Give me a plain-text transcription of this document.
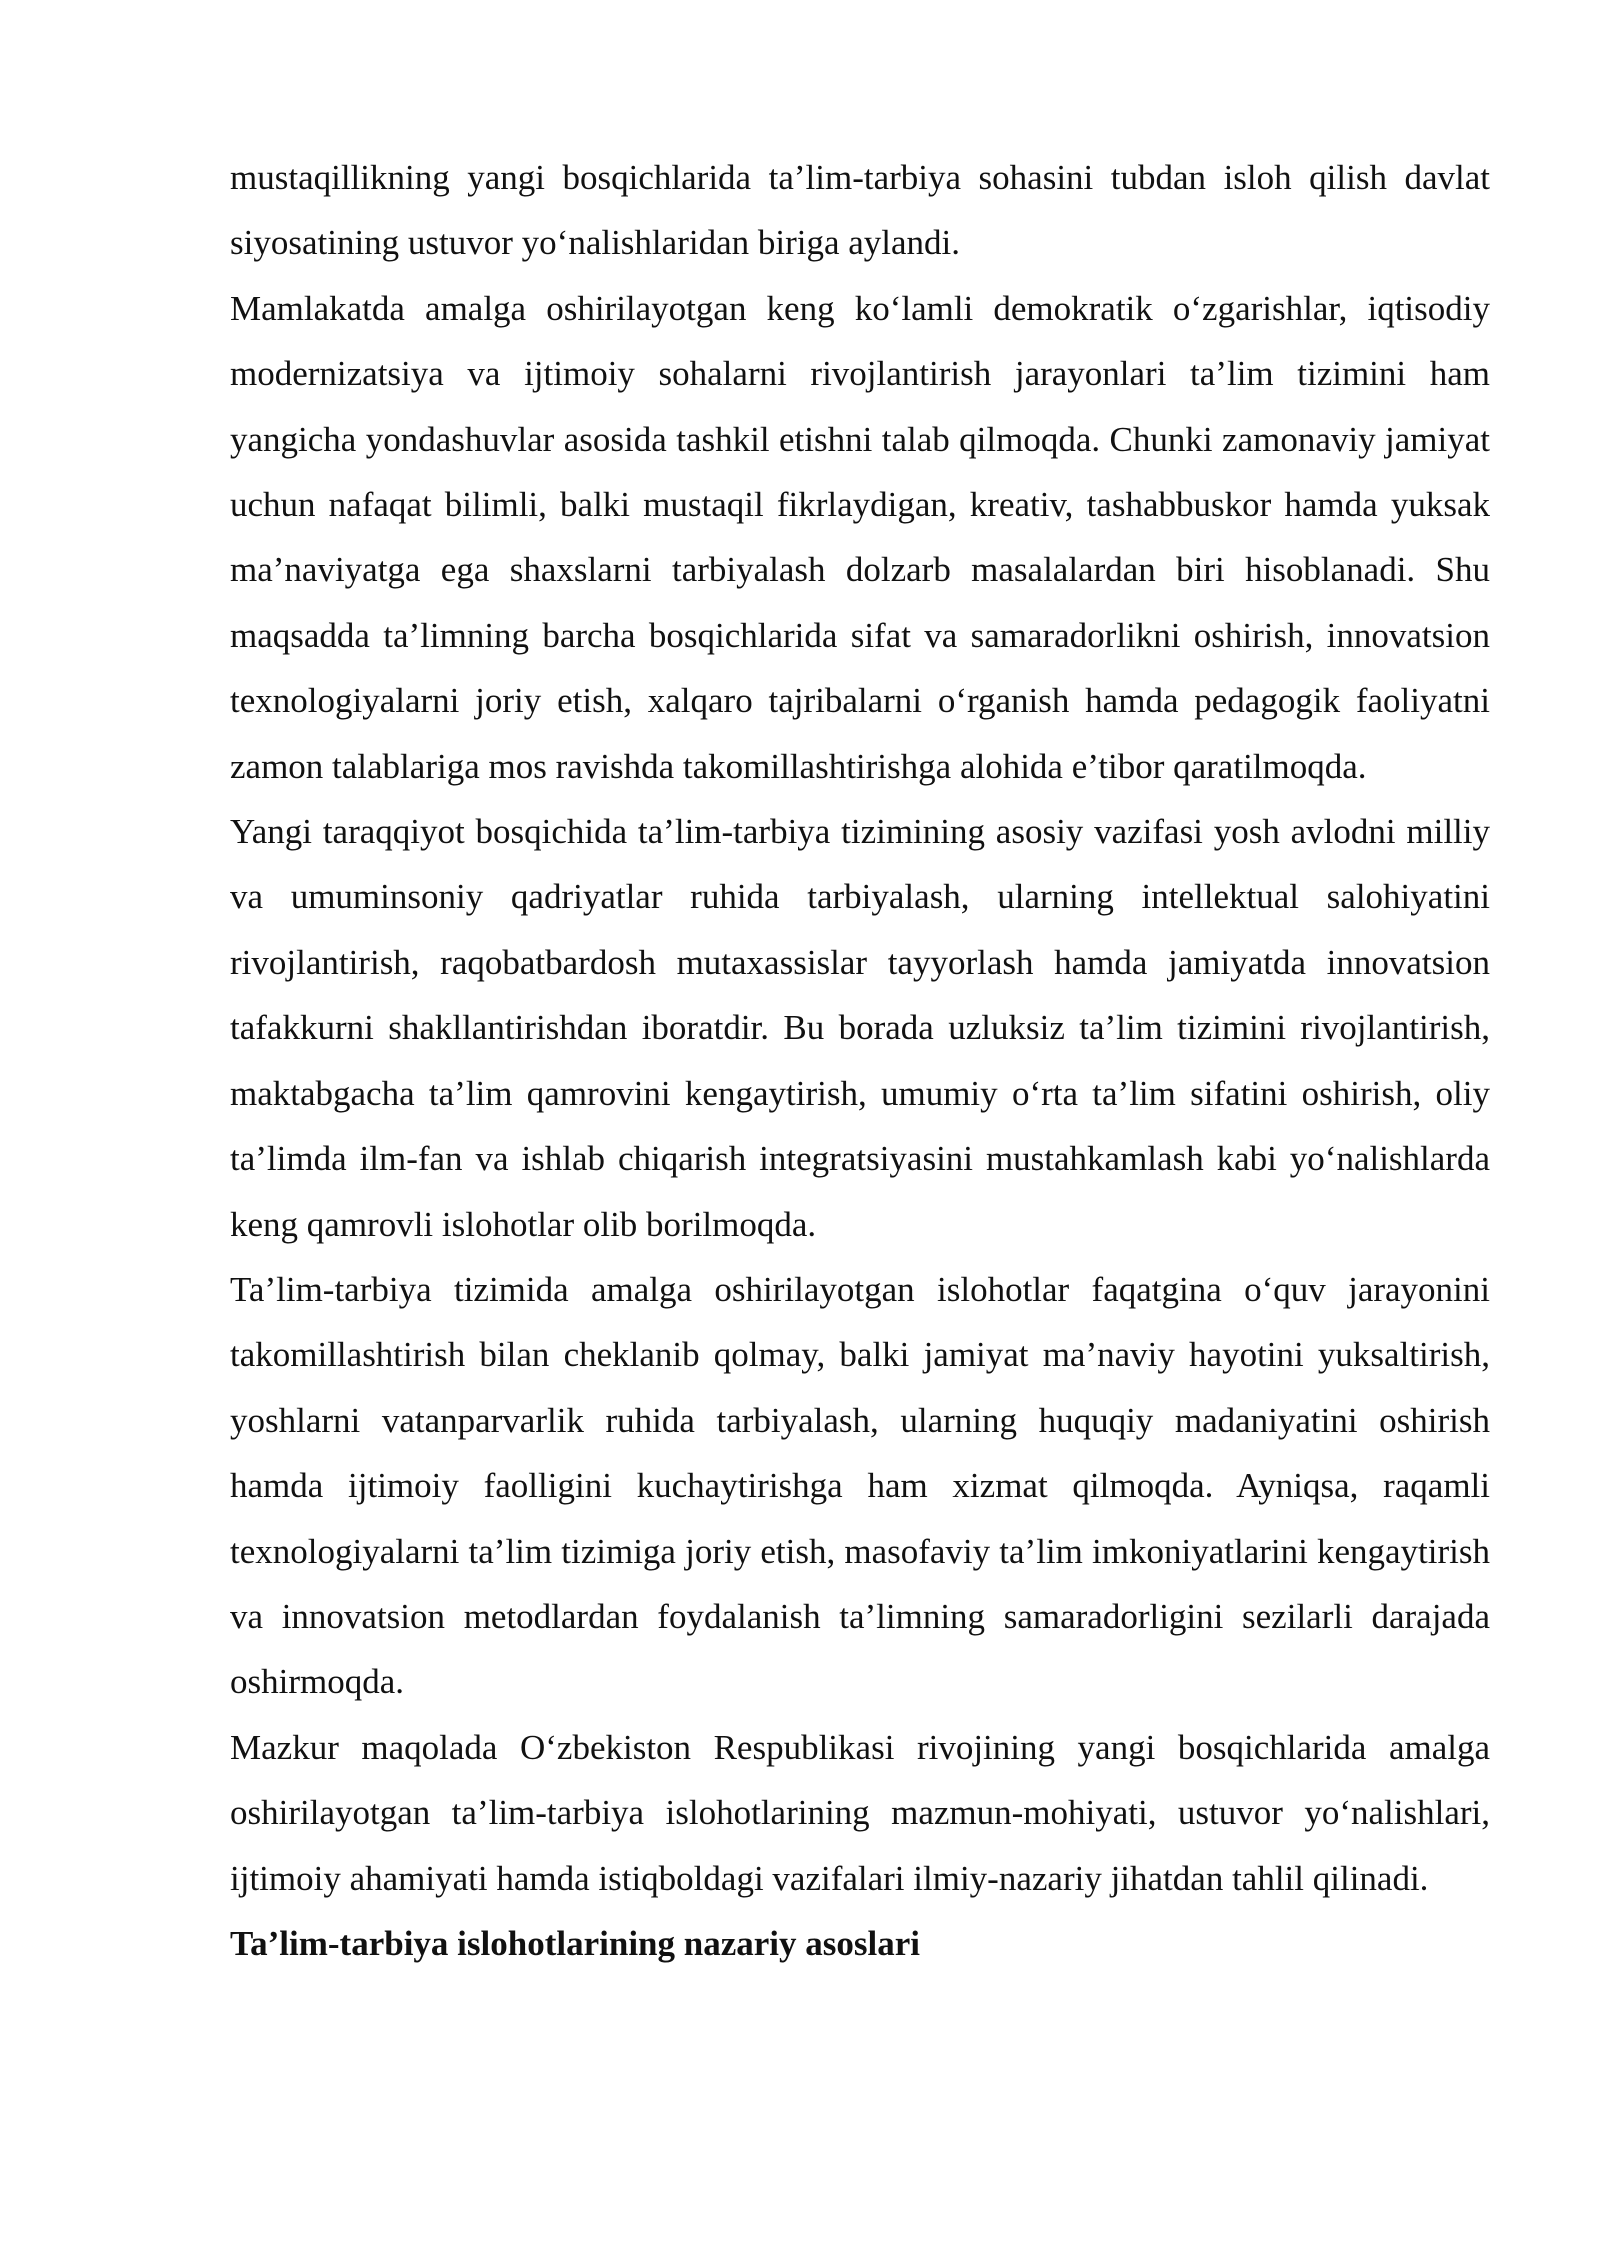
mustaqillikning yangi bosqichlarida ta’lim-tarbiya sohasini tubdan isloh qilish davlat siyosatining ustuvor yo‘nalishlaridan biriga aylandi.

Mamlakatda amalga oshirilayotgan keng ko‘lamli demokratik o‘zgarishlar, iqtisodiy modernizatsiya va ijtimoiy sohalarni rivojlantirish jarayonlari ta’lim tizimini ham yangicha yondashuvlar asosida tashkil etishni talab qilmoqda. Chunki zamonaviy jamiyat uchun nafaqat bilimli, balki mustaqil fikrlaydigan, kreativ, tashabbuskor hamda yuksak ma’naviyatga ega shaxslarni tarbiyalash dolzarb masalalardan biri hisoblanadi. Shu maqsadda ta’limning barcha bosqichlarida sifat va samaradorlikni oshirish, innovatsion texnologiyalarni joriy etish, xalqaro tajribalarni o‘rganish hamda pedagogik faoliyatni zamon talablariga mos ravishda takomillashtirishga alohida e’tibor qaratilmoqda.

Yangi taraqqiyot bosqichida ta’lim-tarbiya tizimining asosiy vazifasi yosh avlodni milliy va umuminsoniy qadriyatlar ruhida tarbiyalash, ularning intellektual salohiyatini rivojlantirish, raqobatbardosh mutaxassislar tayyorlash hamda jamiyatda innovatsion tafakkurni shakllantirishdan iboratdir. Bu borada uzluksiz ta’lim tizimini rivojlantirish, maktabgacha ta’lim qamrovini kengaytirish, umumiy o‘rta ta’lim sifatini oshirish, oliy ta’limda ilm-fan va ishlab chiqarish integratsiyasini mustahkamlash kabi yo‘nalishlarda keng qamrovli islohotlar olib borilmoqda.

Ta’lim-tarbiya tizimida amalga oshirilayotgan islohotlar faqatgina o‘quv jarayonini takomillashtirish bilan cheklanib qolmay, balki jamiyat ma’naviy hayotini yuksaltirish, yoshlarni vatanparvarlik ruhida tarbiyalash, ularning huquqiy madaniyatini oshirish hamda ijtimoiy faolligini kuchaytirishga ham xizmat qilmoqda. Ayniqsa, raqamli texnologiyalarni ta’lim tizimiga joriy etish, masofaviy ta’lim imkoniyatlarini kengaytirish va innovatsion metodlardan foydalanish ta’limning samaradorligini sezilarli darajada oshirmoqda.

Mazkur maqolada O‘zbekiston Respublikasi rivojining yangi bosqichlarida amalga oshirilayotgan ta’lim-tarbiya islohotlarining mazmun-mohiyati, ustuvor yo‘nalishlari, ijtimoiy ahamiyati hamda istiqboldagi vazifalari ilmiy-nazariy jihatdan tahlil qilinadi.

Ta’lim-tarbiya islohotlarining nazariy asoslari
